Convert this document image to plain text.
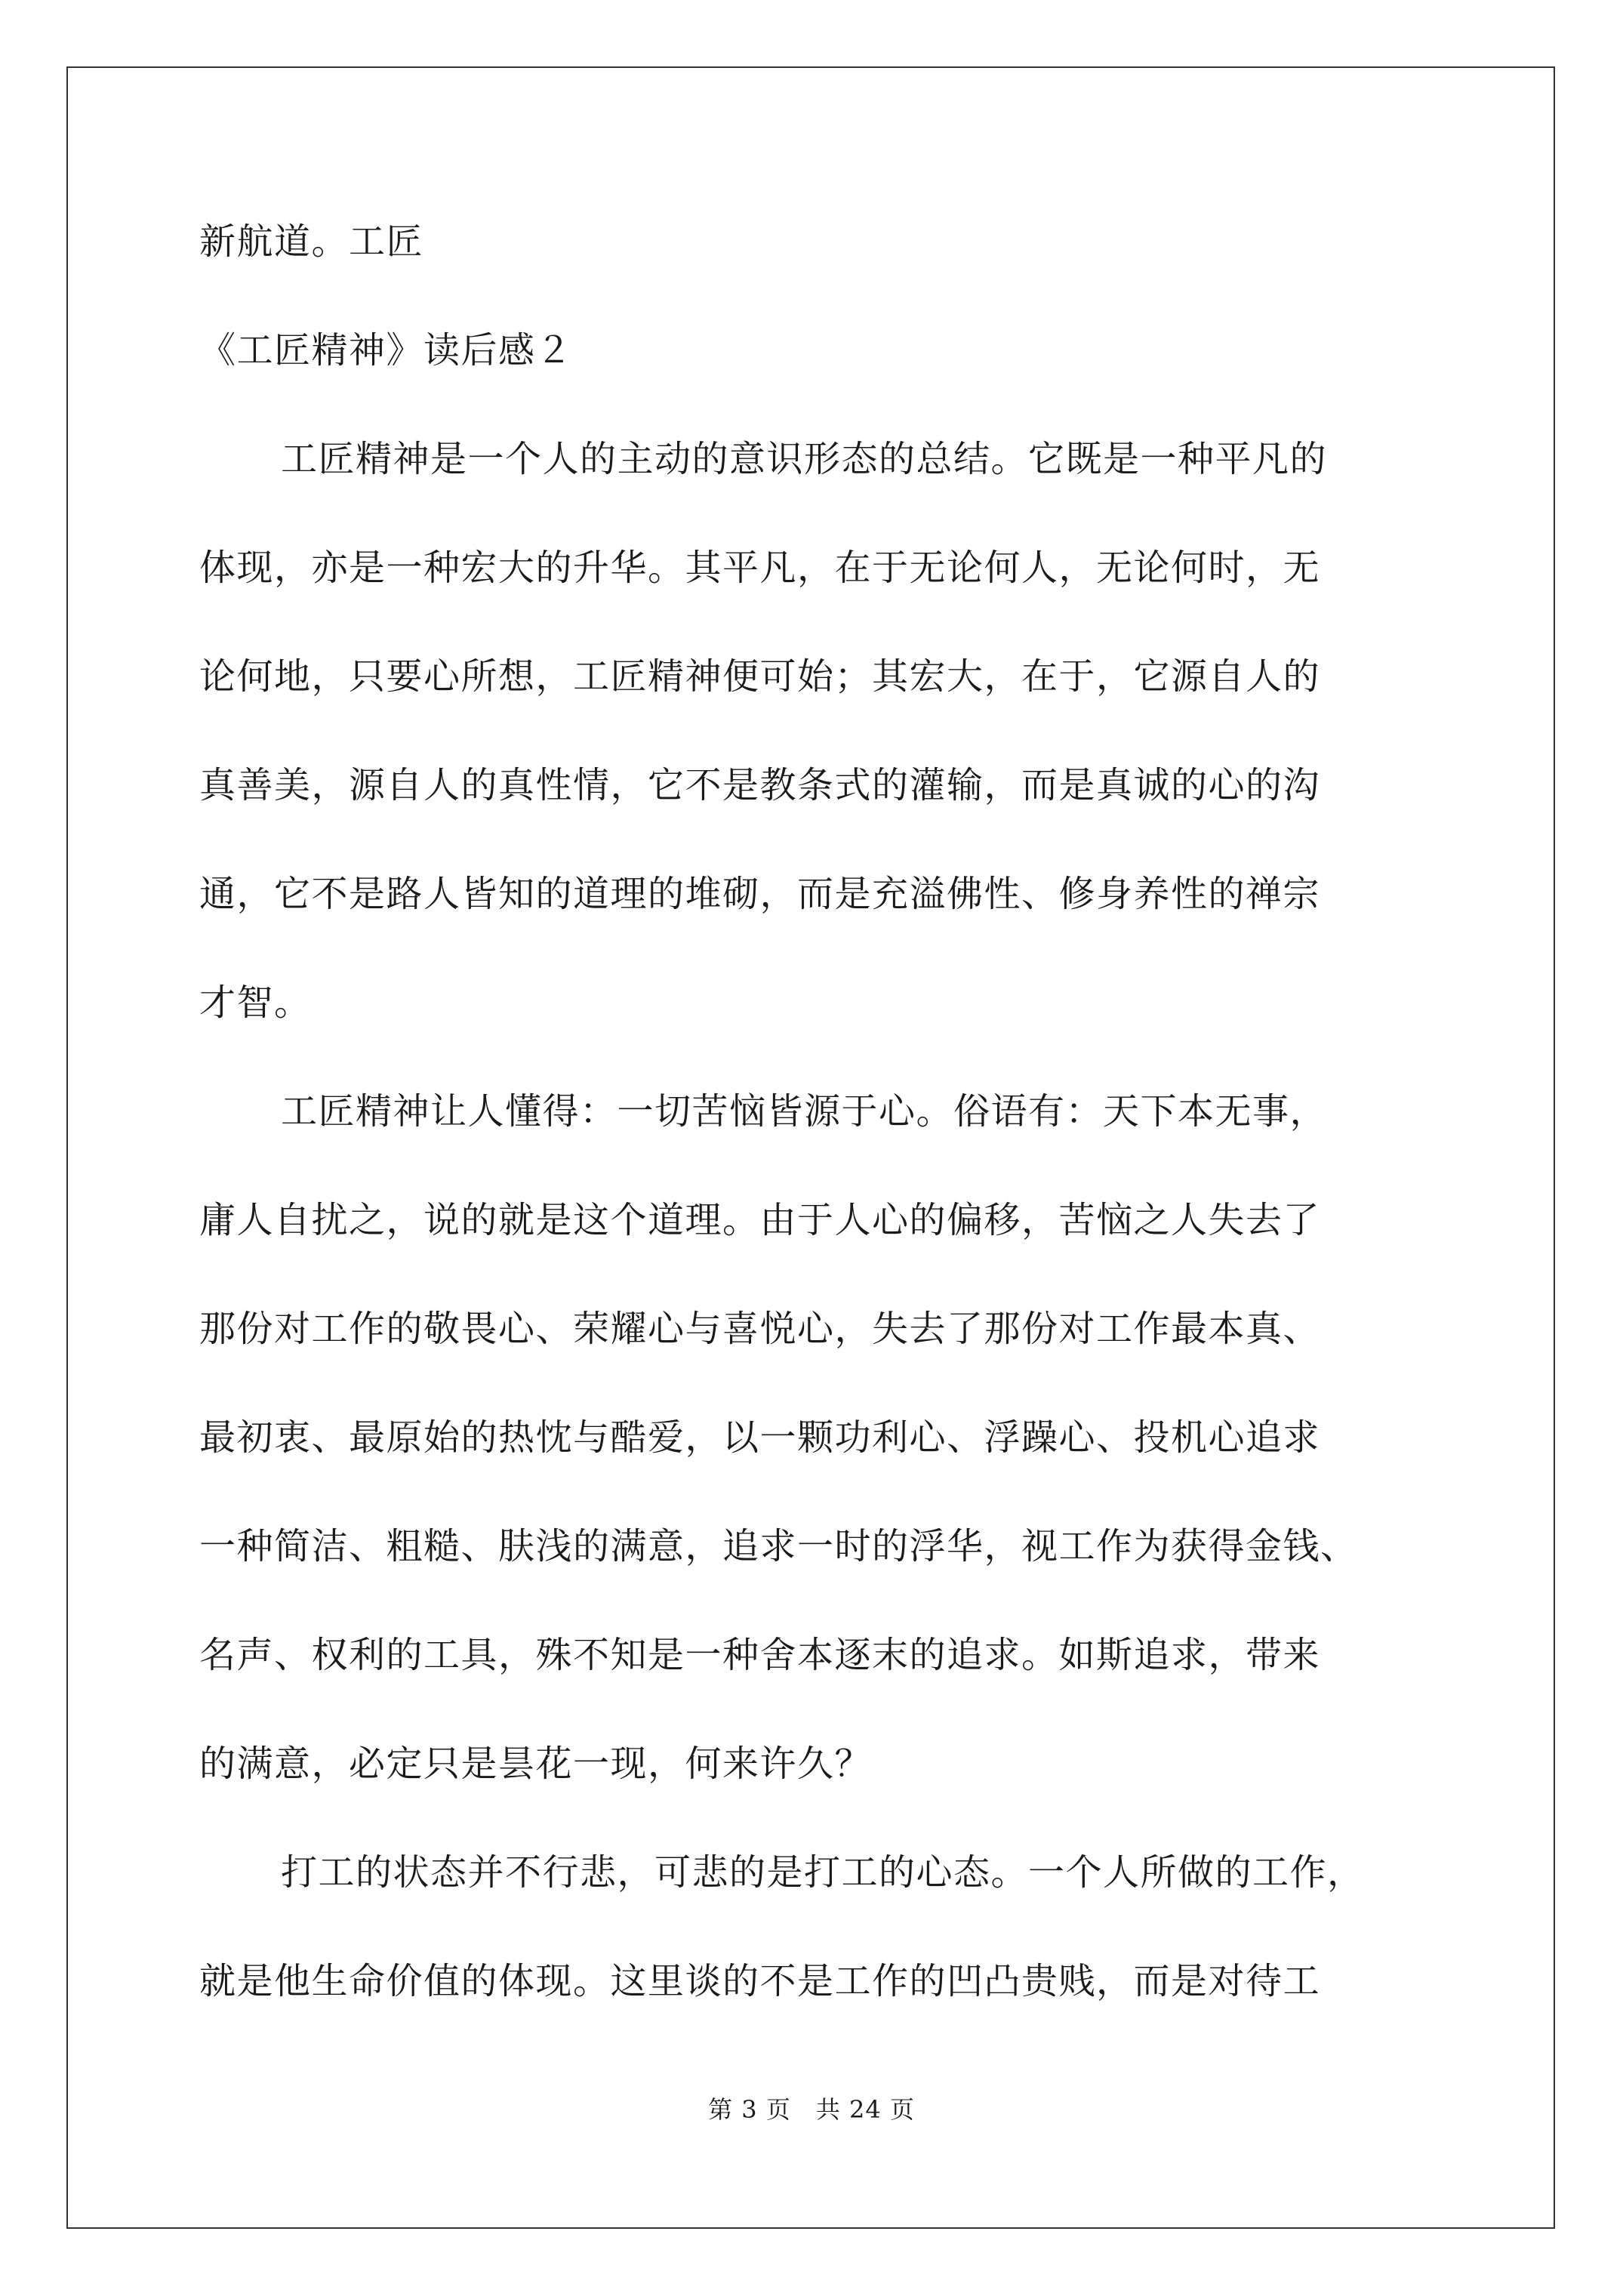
新航道。工匠

《工匠精神》读后感２

工匠精神是一个人的主动的意识形态的总结。它既是一种平凡的

体现，亦是一种宏大的升华。其平凡，在于无论何人，无论何时，无

论何地，只要心所想，工匠精神便可始；其宏大，在于，它源自人的

真善美，源自人的真性情，它不是教条式的灌输，而是真诚的心的沟

通，它不是路人皆知的道理的堆砌，而是充溢佛性、修身养性的禅宗

才智。

工匠精神让人懂得：一切苦恼皆源于心。俗语有：天下本无事，

庸人自扰之，说的就是这个道理。由于人心的偏移，苦恼之人失去了

那份对工作的敬畏心、荣耀心与喜悦心，失去了那份对工作最本真、

最初衷、最原始的热忱与酷爱，以一颗功利心、浮躁心、投机心追求

一种简洁、粗糙、肤浅的满意，追求一时的浮华，视工作为获得金钱、

名声、权利的工具，殊不知是一种舍本逐末的追求。如斯追求，带来

的满意，必定只是昙花一现，何来许久？

打工的状态并不行悲，可悲的是打工的心态。一个人所做的工作，

就是他生命价值的体现。这里谈的不是工作的凹凸贵贱，而是对待工

第 3 页　共 24 页
